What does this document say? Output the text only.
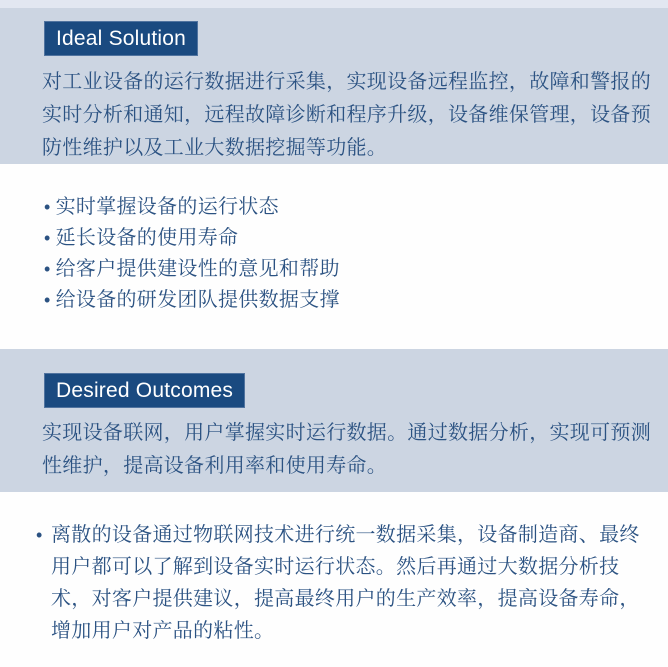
Ideal Solution

对工业设备的运行数据进行采集，实现设备远程监控，故障和警报的实时分析和通知，远程故障诊断和程序升级，设备维保管理，设备预防性维护以及工业大数据挖掘等功能。

• 实时掌握设备的运行状态
• 延长设备的使用寿命
• 给客户提供建设性的意见和帮助
• 给设备的研发团队提供数据支撑
Desired Outcomes

实现设备联网，用户掌握实时运行数据。通过数据分析，实现可预测性维护，提高设备利用率和使用寿命。

• 离散的设备通过物联网技术进行统一数据采集，设备制造商、最终用户都可以了解到设备实时运行状态。然后再通过大数据分析技术，对客户提供建议，提高最终用户的生产效率，提高设备寿命，增加用户对产品的粘性。
